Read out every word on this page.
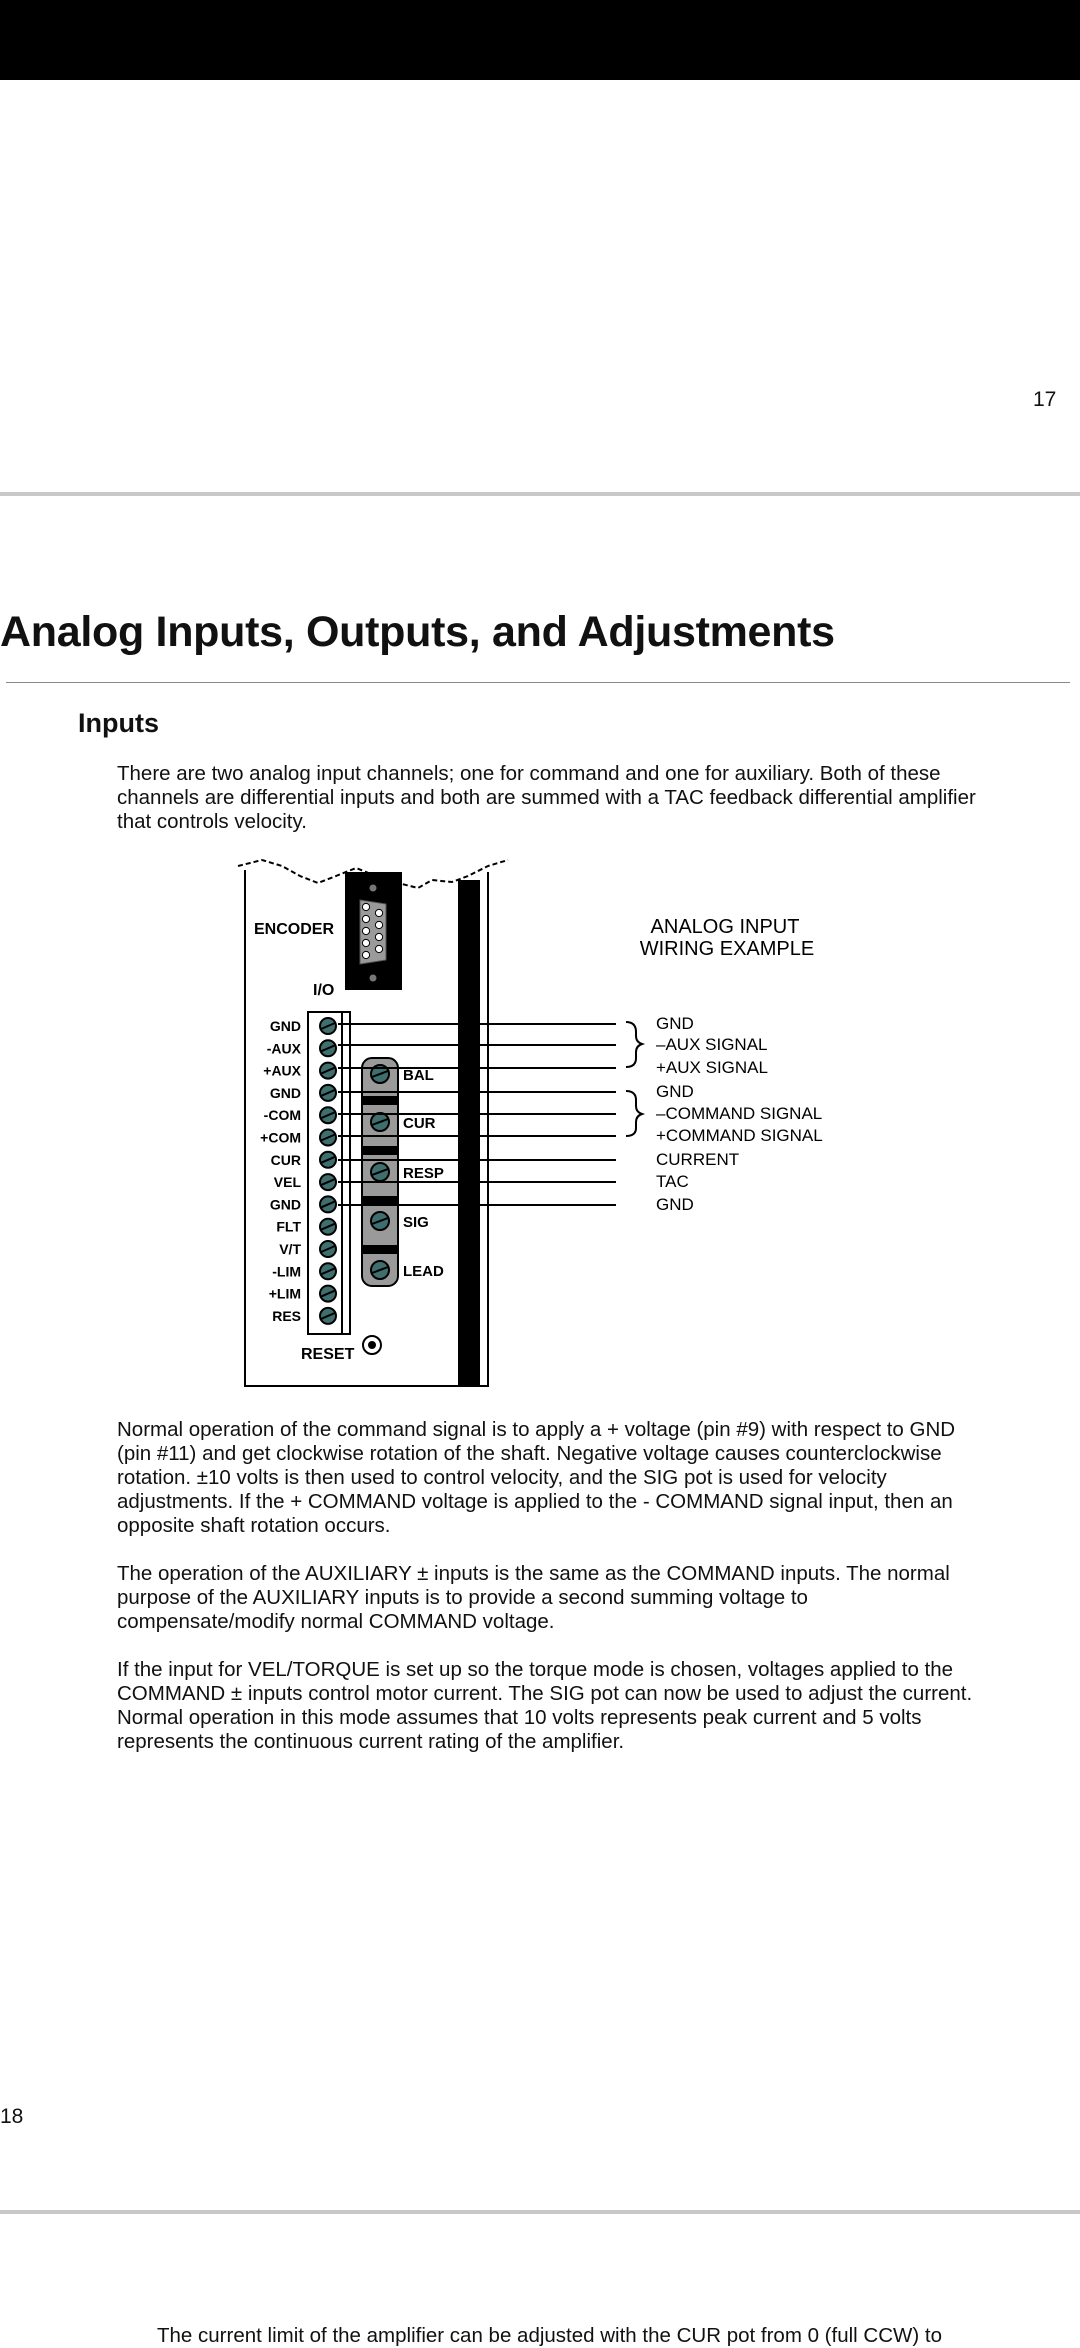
17
Analog Inputs, Outputs, and Adjustments
Inputs

There are two analog input channels; one for command and one for auxiliary. Both of these channels are differential inputs and both are summed with a TAC feedback differential amplifier that controls velocity.

ENCODER
I/O
GND
-AUX
+AUX
GND
-COM
+COM
CUR
VEL
GND
FLT
V/T
-LIM
+LIM
RES
BAL
CUR
RESP
SIG
LEAD
GND
–AUX SIGNAL
+AUX SIGNAL
GND
–COMMAND SIGNAL
+COMMAND SIGNAL
CURRENT
TAC
GND
RESET
ANALOG INPUT
WIRING EXAMPLE

Normal operation of the command signal is to apply a + voltage (pin #9) with respect to GND (pin #11) and get clockwise rotation of the shaft. Negative voltage causes counterclockwise rotation. ±10 volts is then used to control velocity, and the SIG pot is used for velocity adjustments. If the + COMMAND voltage is applied to the - COMMAND signal input, then an opposite shaft rotation occurs.

The operation of the AUXILIARY ± inputs is the same as the COMMAND inputs. The normal purpose of the AUXILIARY inputs is to provide a second summing voltage to compensate/modify normal COMMAND voltage.

If the input for VEL/TORQUE is set up so the torque mode is chosen, voltages applied to the COMMAND ± inputs control motor current. The SIG pot can now be used to adjust the current. Normal operation in this mode assumes that 10 volts represents peak current and 5 volts represents the continuous current rating of the amplifier.

18
The current limit of the amplifier can be adjusted with the CUR pot from 0 (full CCW) to
